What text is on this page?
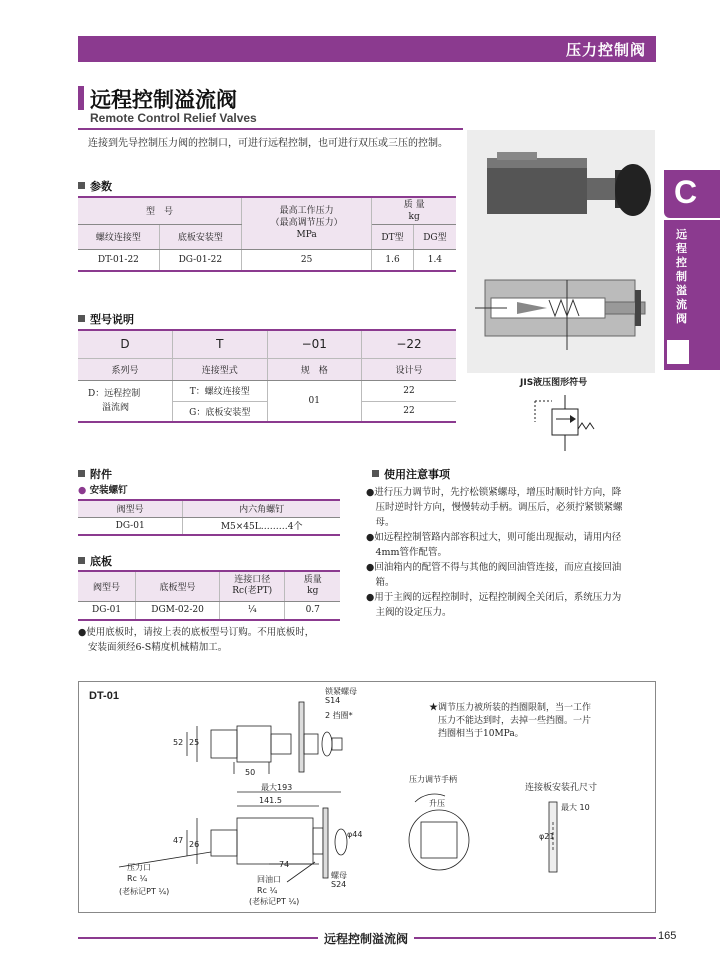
压力控制阀
远程控制溢流阀
Remote Control Relief Valves
连接到先导控制压力阀的控制口，可进行远程控制，也可进行双压或三压的控制。
JIS液压图形符号
C
远
程
控
制
溢
流
阀
参数
型　号		最高工作压力
（最高调节压力）
MPa	质 量
kg	
螺纹连接型	底板安装型		DT型	DG型
DT-01-22	DG-01-22	25	1.6	1.4
型号说明
D	T	−01	−22
系列号	连接型式	规　格	设计号
D：远程控制
溢流阀	T：螺纹连接型	01	22
	G：底板安装型		22
附件
● 安装螺钉
阀型号	内六角螺钉
DG-01	M5×45L………4个
底板
阀型号	底板型号	连接口径
Rc(老PT)	质量
kg
DG-01	DGM-02-20	¼	0.7
●使用底板时，请按上表的底板型号订购。不用底板时，
安装面须经6-S精度机械精加工。
使用注意事项
●进行压力调节时，先拧松锁紧螺母，增压时顺时针方向，降
　压时逆时针方向，慢慢转动手柄。调压后，必须拧紧锁紧螺
　母。
●如远程控制管路内部容积过大，则可能出现振动，请用内径
　4mm管作配管。
●回油箱内的配管不得与其他的阀回油管连接，而应直接回油
　箱。
●用于主阀的远程控制时，远程控制阀全关闭后，系统压力为
　主阀的设定压力。
DT-01	锁紧螺母
S14
2 挡圈*
52 25
50
最大193
141.5
47 26
φ44
74
压力口
Rc ¼
(老标记PT ¼)
回油口
Rc ¼
(老标记PT ¼)
螺母
S24
★调节压力被所装的挡圈限制，当一工作
　压力不能达到时，去掉一些挡圈。一片
　挡圈相当于10MPa。
压力调节手柄
升压
连接板安装孔尺寸
最大 10
φ21
远程控制溢流阀	165
